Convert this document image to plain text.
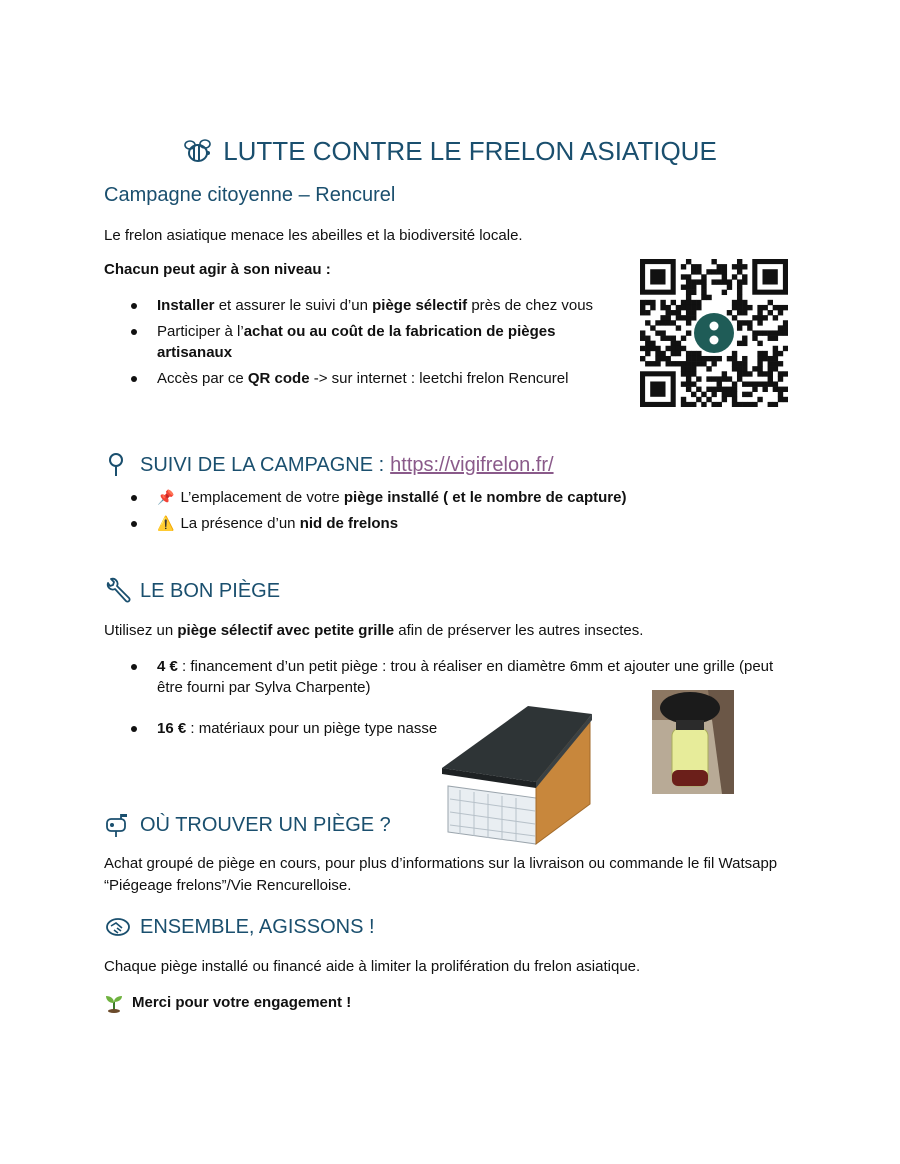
LUTTE CONTRE LE FRELON ASIATIQUE
Campagne citoyenne – Rencurel
Le frelon asiatique menace les abeilles et la biodiversité locale.
Chacun peut agir à son niveau :
Installer et assurer le suivi d’un piège sélectif près de chez vous
Participer à l’achat ou au coût de la fabrication de pièges artisanaux
Accès par ce QR code -> sur internet : leetchi frelon Rencurel
SUIVI DE LA CAMPAGNE : https://vigifrelon.fr/
📌 L’emplacement de votre piège installé ( et le nombre de capture)
⚠️ La présence d’un nid de frelons
LE BON PIÈGE
Utilisez un piège sélectif avec petite grille afin de préserver les autres insectes.
4 € : financement d’un petit piège : trou à réaliser en diamètre 6mm et ajouter une grille (peut être fourni par Sylva Charpente)
16 € : matériaux pour un piège type nasse
OÙ TROUVER UN PIÈGE ?
Achat groupé de piège en cours, pour plus d’informations sur la livraison ou commande le fil Watsapp “Piégeage frelons”/Vie Rencurelloise.
ENSEMBLE, AGISSONS !
Chaque piège installé ou financé aide à limiter la prolifération du frelon asiatique.
Merci pour votre engagement !
